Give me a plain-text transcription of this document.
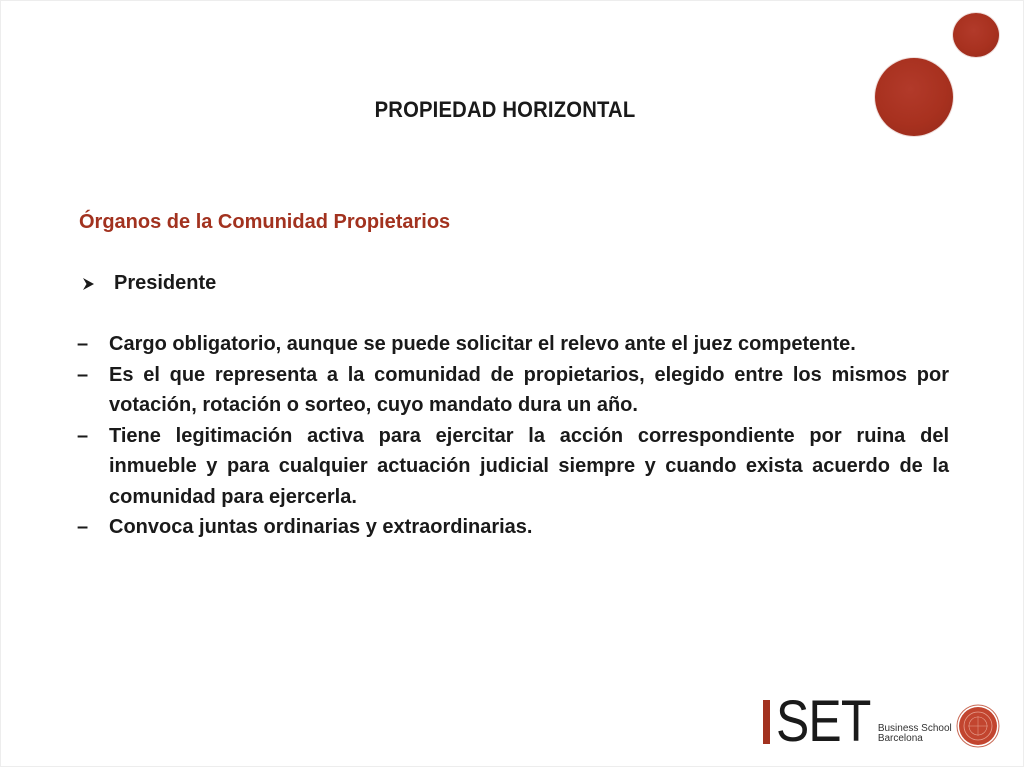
PROPIEDAD HORIZONTAL

Órganos de la Comunidad Propietarios

Presidente

–	Cargo obligatorio, aunque se puede solicitar el relevo ante el juez competente.
–	Es el que representa a la comunidad de propietarios, elegido entre los mismos por votación, rotación o sorteo, cuyo mandato dura un año.
–	Tiene legitimación activa para ejercitar la acción correspondiente por ruina del inmueble y para cualquier actuación judicial siempre y cuando exista acuerdo de la comunidad para ejercerla.
–	Convoca juntas ordinarias y extraordinarias.
SET Business School
Barcelona
